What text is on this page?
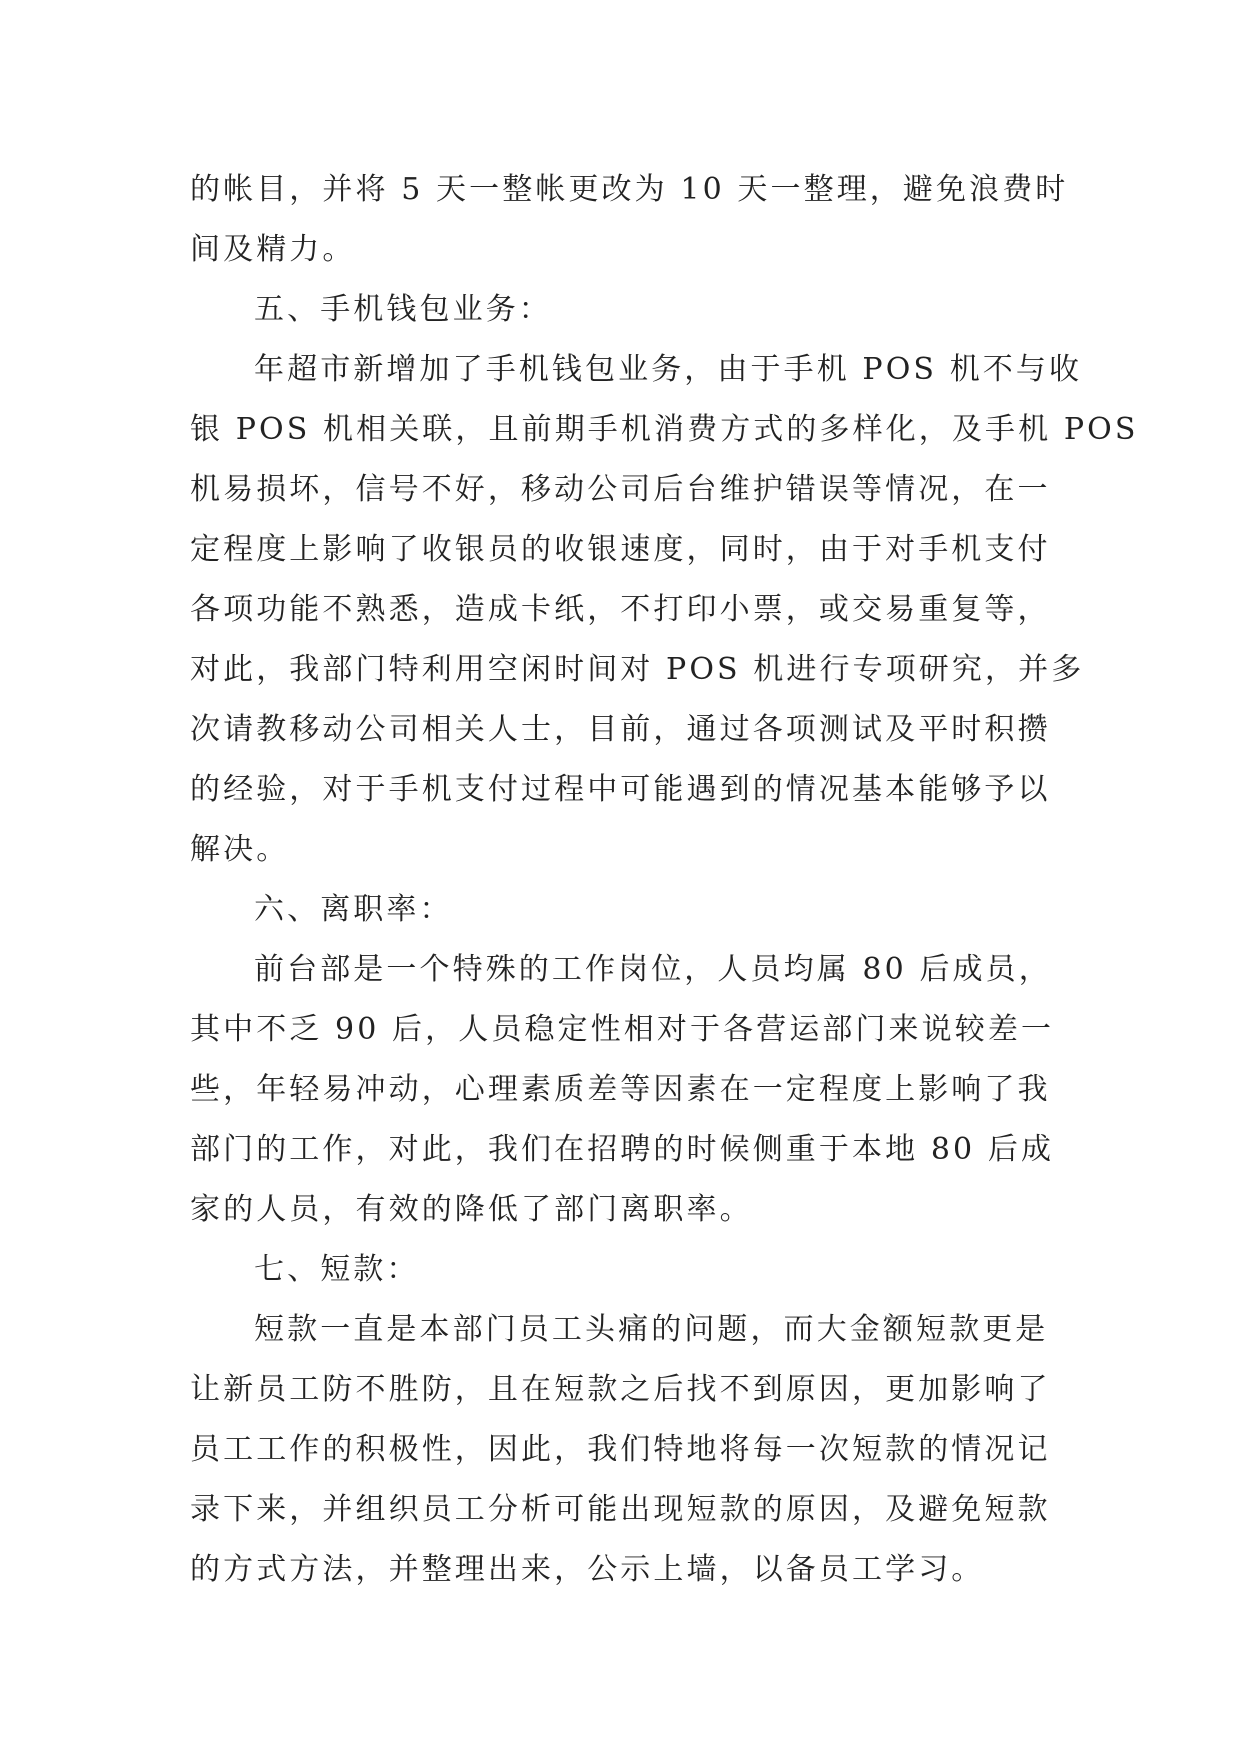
的帐目，并将 5 天一整帐更改为 10 天一整理，避免浪费时
间及精力。
五、手机钱包业务：
年超市新增加了手机钱包业务，由于手机 POS 机不与收
银 POS 机相关联，且前期手机消费方式的多样化，及手机 POS
机易损坏，信号不好，移动公司后台维护错误等情况，在一
定程度上影响了收银员的收银速度，同时，由于对手机支付
各项功能不熟悉，造成卡纸，不打印小票，或交易重复等，
对此，我部门特利用空闲时间对 POS 机进行专项研究，并多
次请教移动公司相关人士，目前，通过各项测试及平时积攒
的经验，对于手机支付过程中可能遇到的情况基本能够予以
解决。
六、离职率：
前台部是一个特殊的工作岗位，人员均属 80 后成员，
其中不乏 90 后，人员稳定性相对于各营运部门来说较差一
些，年轻易冲动，心理素质差等因素在一定程度上影响了我
部门的工作，对此，我们在招聘的时候侧重于本地 80 后成
家的人员，有效的降低了部门离职率。
七、短款：
短款一直是本部门员工头痛的问题，而大金额短款更是
让新员工防不胜防，且在短款之后找不到原因，更加影响了
员工工作的积极性，因此，我们特地将每一次短款的情况记
录下来，并组织员工分析可能出现短款的原因，及避免短款
的方式方法，并整理出来，公示上墙，以备员工学习。
